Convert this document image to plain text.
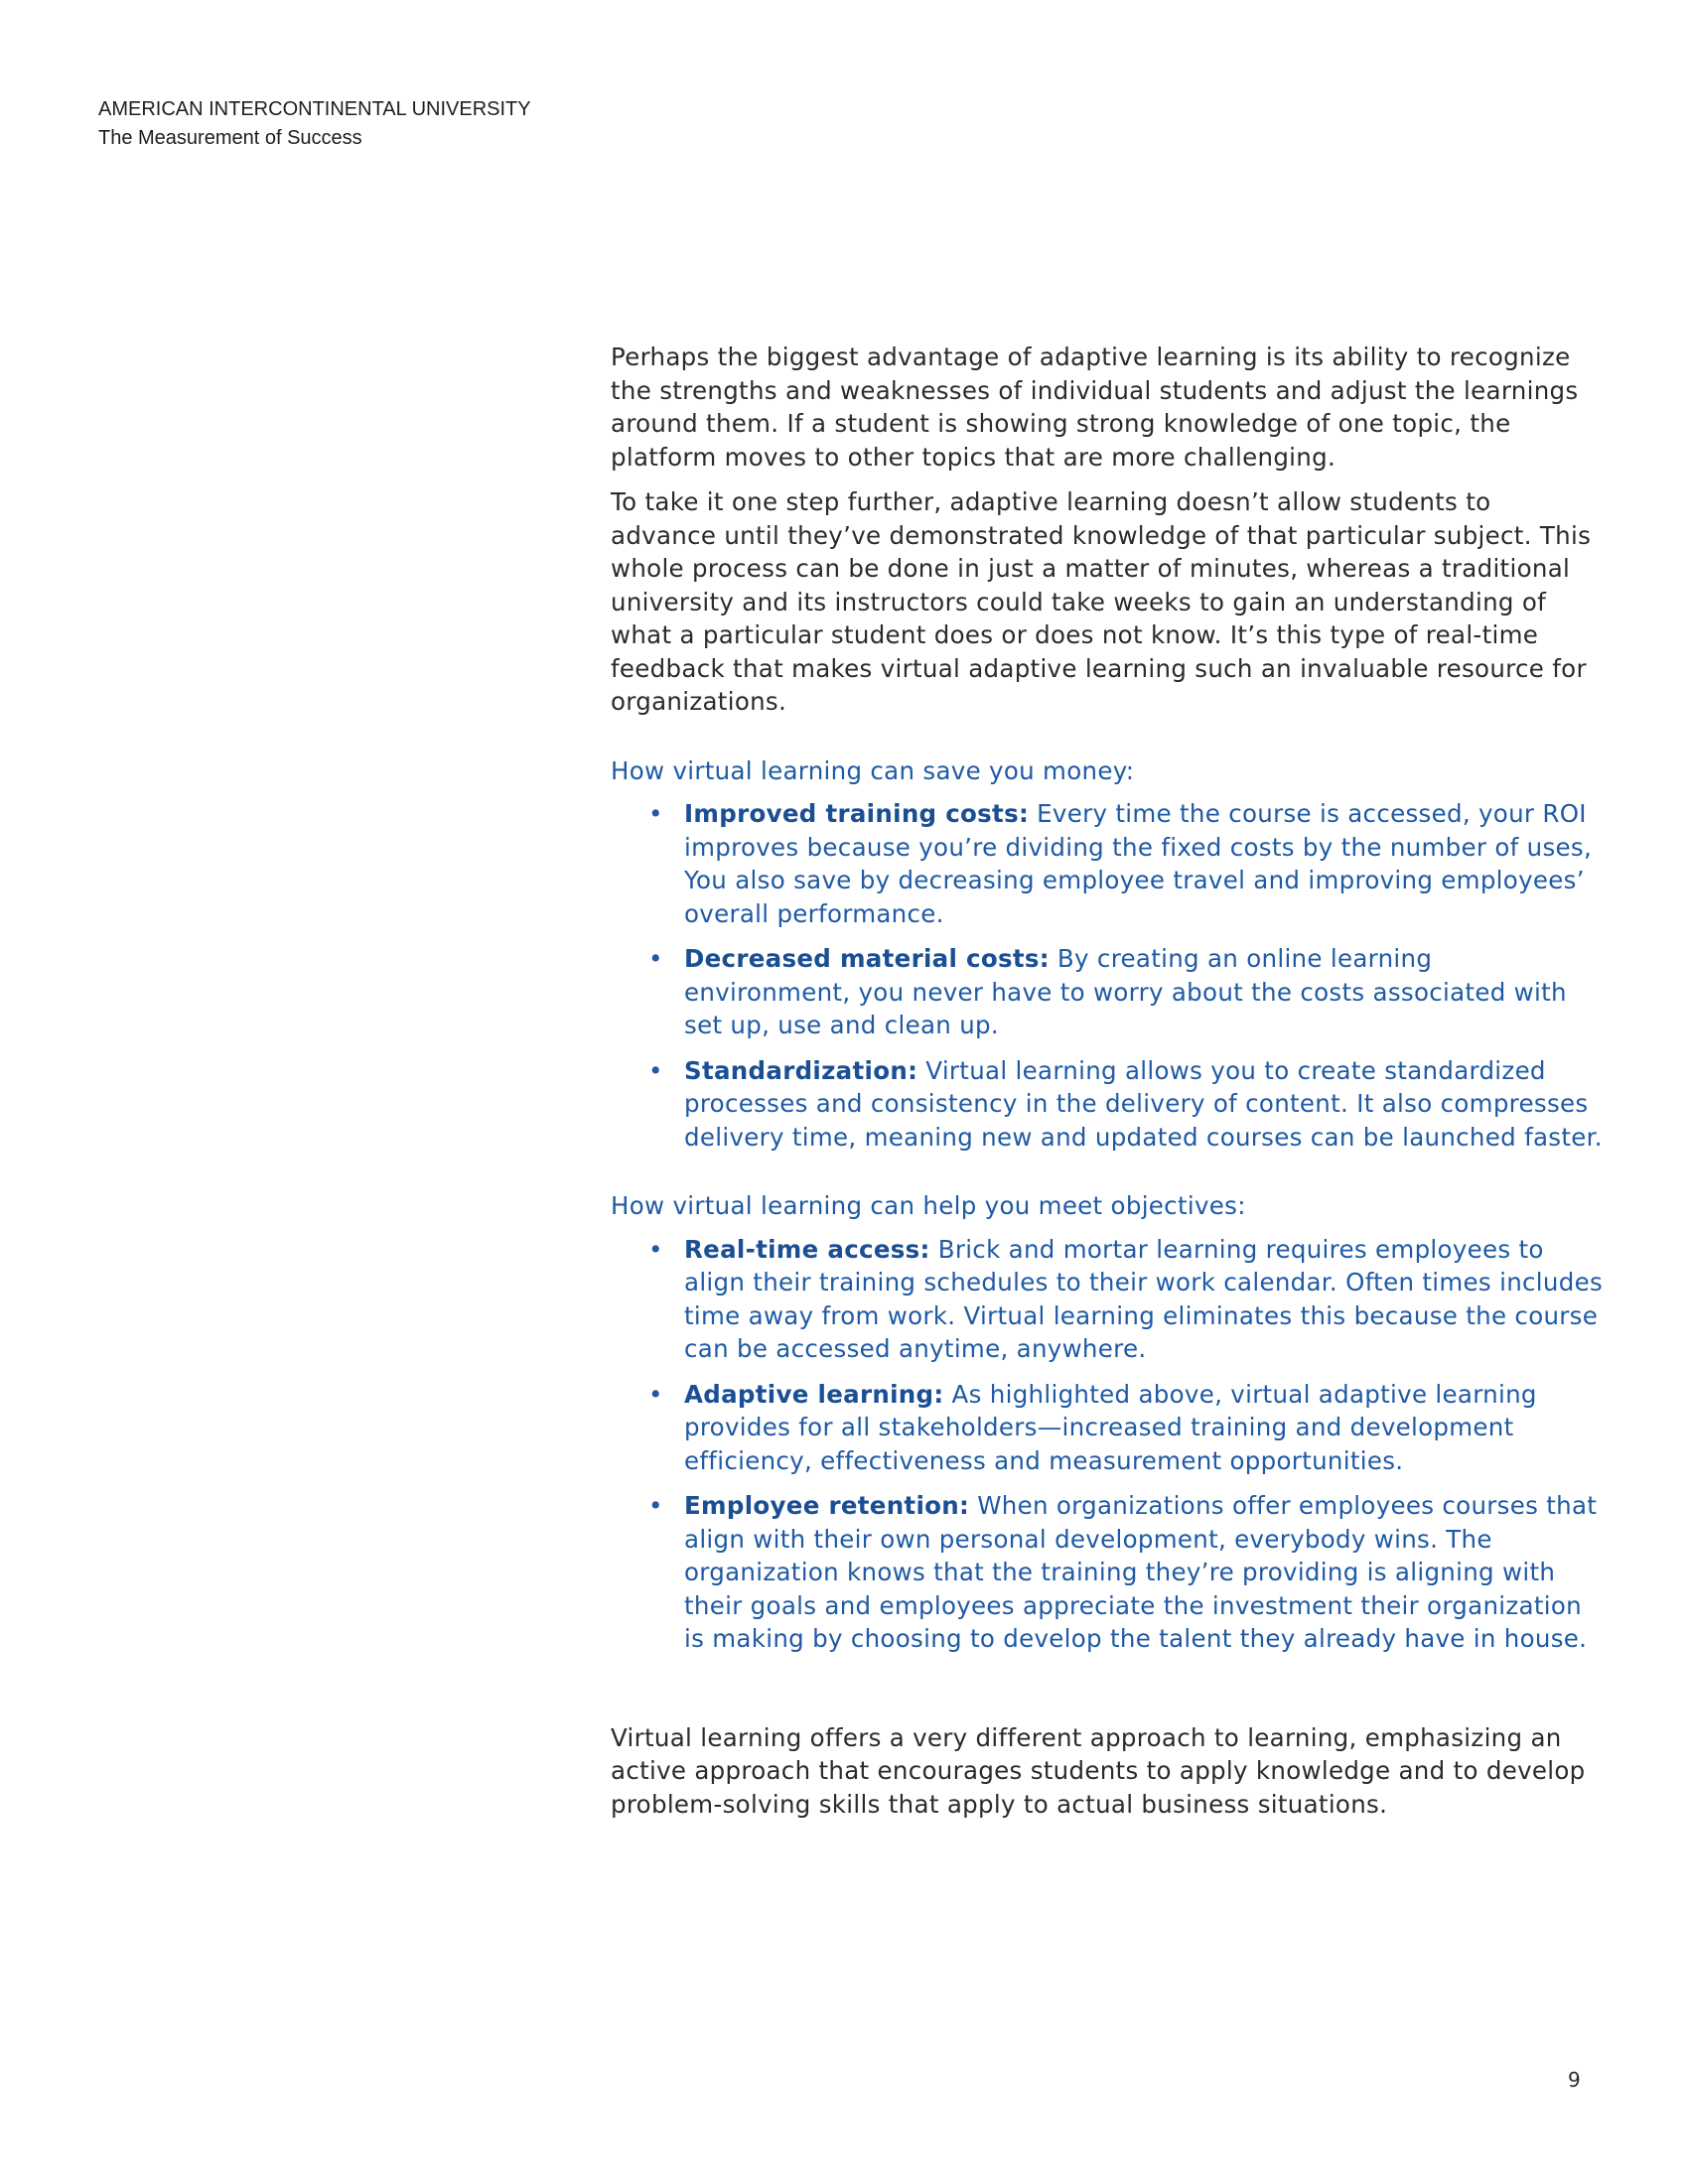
AMERICAN INTERCONTINENTAL UNIVERSITY
The Measurement of Success

Perhaps the biggest advantage of adaptive learning is its ability to recognize the strengths and weaknesses of individual students and adjust the learnings around them. If a student is showing strong knowledge of one topic, the platform moves to other topics that are more challenging.

To take it one step further, adaptive learning doesn’t allow students to advance until they’ve demonstrated knowledge of that particular subject. This whole process can be done in just a matter of minutes, whereas a traditional university and its instructors could take weeks to gain an understanding of what a particular student does or does not know. It’s this type of real-time feedback that makes virtual adaptive learning such an invaluable resource for organizations.

How virtual learning can save you money:

• Improved training costs: Every time the course is accessed, your ROI improves because you’re dividing the fixed costs by the number of uses, You also save by decreasing employee travel and improving employees’ overall performance.
• Decreased material costs: By creating an online learning environment, you never have to worry about the costs associated with set up, use and clean up.
• Standardization: Virtual learning allows you to create standardized processes and consistency in the delivery of content. It also compresses delivery time, meaning new and updated courses can be launched faster.

How virtual learning can help you meet objectives:

• Real-time access: Brick and mortar learning requires employees to align their training schedules to their work calendar. Often times includes time away from work. Virtual learning eliminates this because the course can be accessed anytime, anywhere.
• Adaptive learning: As highlighted above, virtual adaptive learning provides for all stakeholders—increased training and development efficiency, effectiveness and measurement opportunities.
• Employee retention: When organizations offer employees courses that align with their own personal development, everybody wins. The organization knows that the training they’re providing is aligning with their goals and employees appreciate the investment their organization is making by choosing to develop the talent they already have in house.

Virtual learning offers a very different approach to learning, emphasizing an active approach that encourages students to apply knowledge and to develop problem-solving skills that apply to actual business situations.

9
